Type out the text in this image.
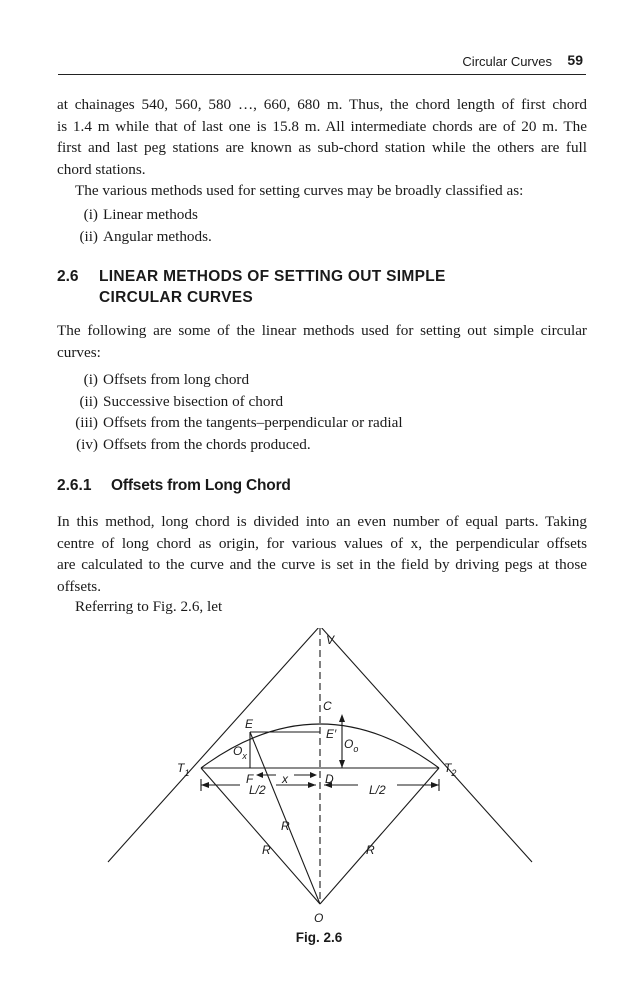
Circular Curves 59

at chainages 540, 560, 580 …, 660, 680 m. Thus, the chord length of first chord
is 1.4 m while that of last one is 15.8 m. All intermediate chords are of 20 m. The
first and last peg stations are known as sub-chord station while the others are full
chord stations.

The various methods used for setting curves may be broadly classified as:

(i) Linear methods
(ii) Angular methods.
2.6 LINEAR METHODS OF SETTING OUT SIMPLE
CIRCULAR CURVES

The following are some of the linear methods used for setting out simple circular
curves:

(i) Offsets from long chord
(ii) Successive bisection of chord
(iii) Offsets from the tangents–perpendicular or radial
(iv) Offsets from the chords produced.
2.6.1 Offsets from Long Chord

In this method, long chord is divided into an even number of equal parts. Taking
centre of long chord as origin, for various values of x, the perpendicular offsets
are calculated to the curve and the curve is set in the field by driving pegs at those
offsets.

Referring to Fig. 2.6, let

V
C
E
E′
$O_o$
$O_x$
$T_1$	$T_2$
F x	D
L/2	L/2
R
R	R
O
Fig. 2.6
